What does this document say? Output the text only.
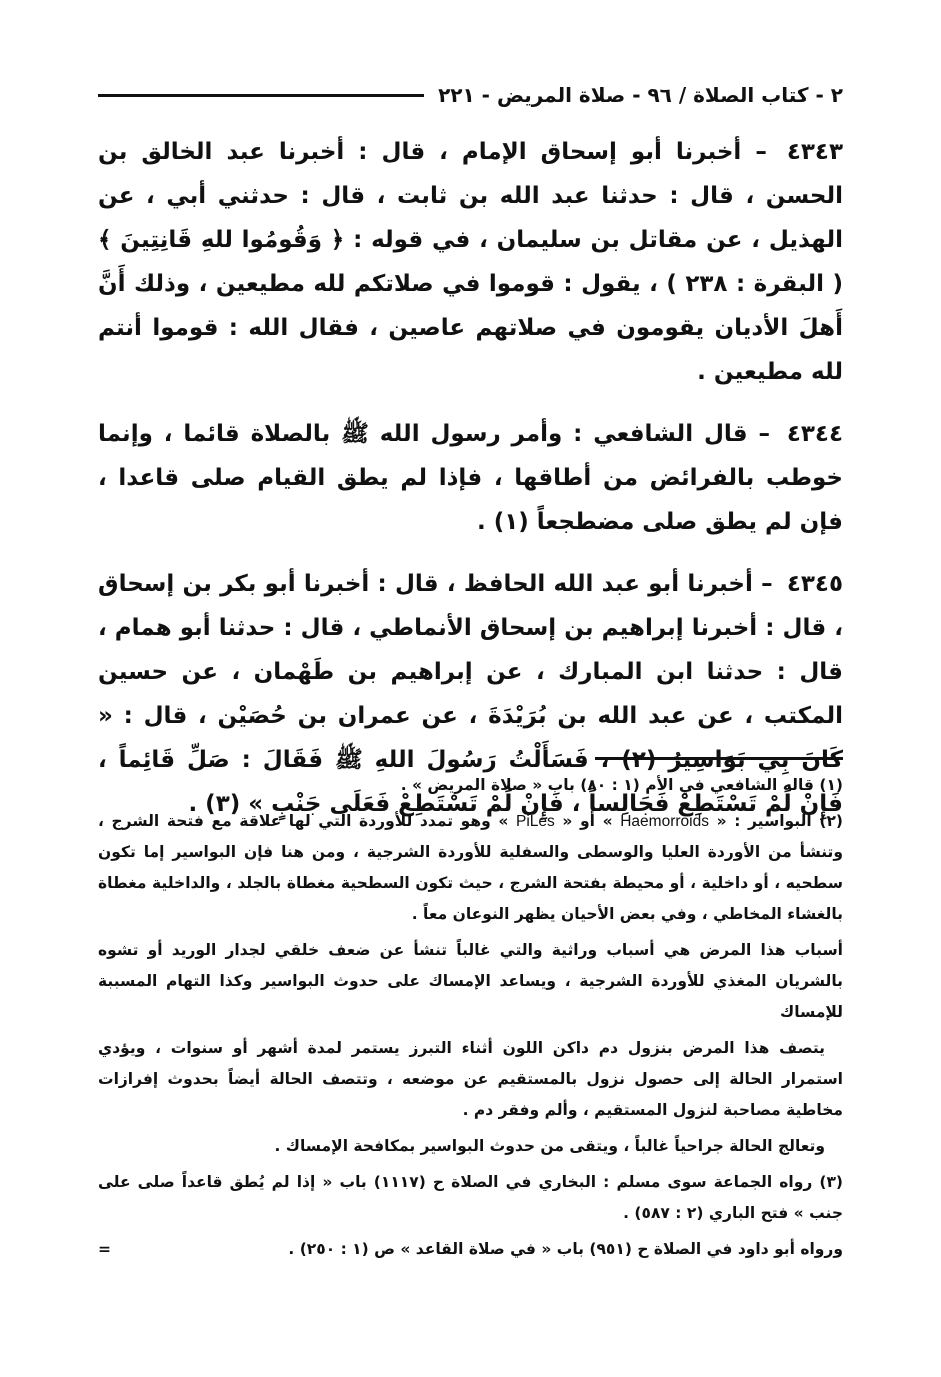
٢ - كتاب الصلاة / ٩٦ - صلاة المريض - ٢٢١

٤٣٤٣ – أخبرنا أبو إسحاق الإمام ، قال : أخبرنا عبد الخالق بن الحسن ، قال : حدثنا عبد الله بن ثابت ، قال : حدثني أبي ، عن الهذيل ، عن مقاتل بن سليمان ، في قوله : ﴿ وَقُومُوا للهِ قَانِتِينَ ﴾ ( البقرة : ٢٣٨ ) ، يقول : قوموا في صلاتكم لله مطيعين ، وذلك أَنَّ أَهلَ الأديان يقومون في صلاتهم عاصين ، فقال الله : قوموا أنتم لله مطيعين .

٤٣٤٤ – قال الشافعي : وأمر رسول الله ﷺ بالصلاة قائما ، وإنما خوطب بالفرائض من أطاقها ، فإذا لم يطق القيام صلى قاعدا ، فإن لم يطق صلى مضطجعاً (١) .

٤٣٤٥ – أخبرنا أبو عبد الله الحافظ ، قال : أخبرنا أبو بكر بن إسحاق ، قال : أخبرنا إبراهيم بن إسحاق الأنماطي ، قال : حدثنا أبو همام ، قال : حدثنا ابن المبارك ، عن إبراهيم بن طَهْمان ، عن حسين المكتب ، عن عبد الله بن بُرَيْدَةَ ، عن عمران بن حُصَيْن ، قال : « كَانَ بِي بَوَاسِيرُ (٢) ، فَسَأَلْتُ رَسُولَ اللهِ ﷺ فَقَالَ : صَلِّ قَائِماً ، فَإِنْ لَمْ تَسْتَطِعْ فَجَالِساً ، فَإِنْ لَمْ تَسْتَطِعْ فَعَلَى جَنْبٍ » (٣) .

(١) قاله الشافعي في الأم (١ : ٨٠) باب « صلاة المريض » .

(٢) البواسير : « Haemorroids » أو « PiLes » وهو تمدد للأوردة التي لها علاقة مع فتحة الشرج ، وتنشأ من الأوردة العليا والوسطى والسفلية للأوردة الشرجية ، ومن هنا فإن البواسير إما تكون سطحيه ، أو داخلية ، أو محيطة بفتحة الشرج ، حيث تكون السطحية مغطاة بالجلد ، والداخلية مغطاة بالغشاء المخاطي ، وفي بعض الأحيان يظهر النوعان معاً .

أسباب هذا المرض هي أسباب وراثية والتي غالباً تنشأ عن ضعف خلقي لجدار الوريد أو تشوه بالشريان المغذي للأوردة الشرجية ، ويساعد الإمساك على حدوث البواسير وكذا التهام المسببة للإمساك

يتصف هذا المرض بنزول دم داكن اللون أثناء التبرز يستمر لمدة أشهر أو سنوات ، ويؤدي استمرار الحالة إلى حصول نزول بالمستقيم عن موضعه ، وتتصف الحالة أيضاً بحدوث إفرازات مخاطية مصاحبة لنزول المستقيم ، وألم وفقر دم .

وتعالج الحالة جراحياً غالباً ، ويتقى من حدوث البواسير بمكافحة الإمساك .

(٣) رواه الجماعة سوى مسلم : البخاري في الصلاة ح (١١١٧) باب « إذا لم يُطق قاعداً صلى على جنب » فتح الباري (٢ : ٥٨٧) .

ورواه أبو داود في الصلاة ح (٩٥١) باب « في صلاة القاعد » ص (١ : ٢٥٠) .
=
